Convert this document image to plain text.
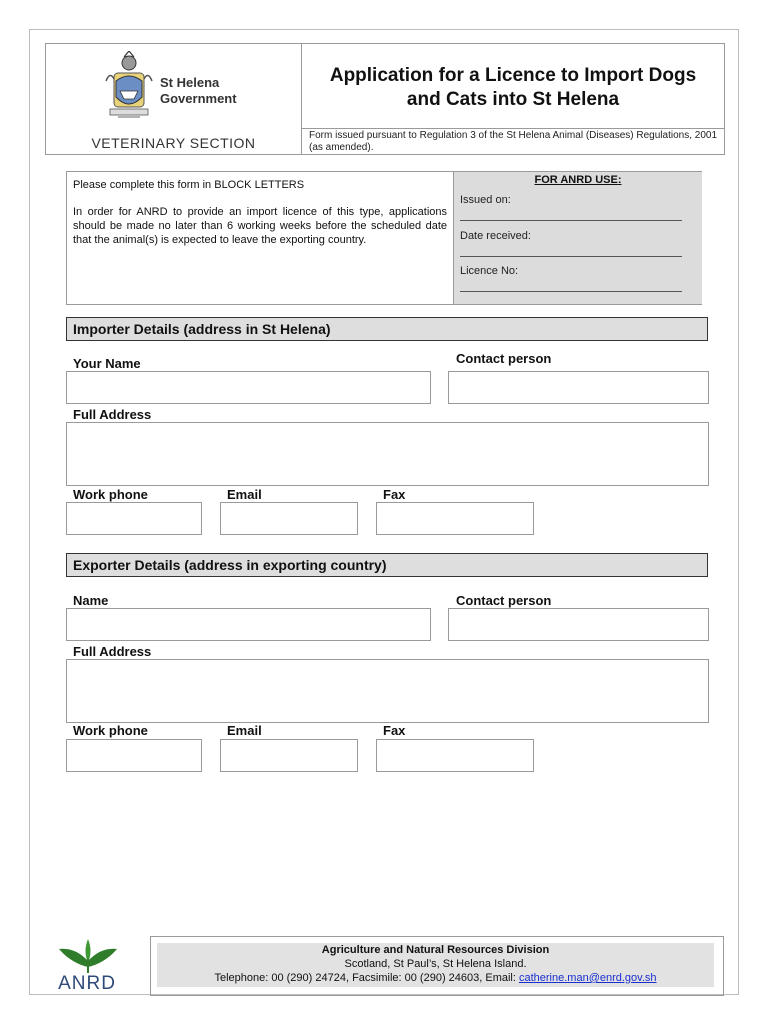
St Helena
Government
VETERINARY SECTION
Application for a Licence to Import Dogs
and Cats into St Helena
Form issued pursuant to Regulation 3 of the St Helena Animal (Diseases) Regulations, 2001 (as amended).

Please complete this form in BLOCK LETTERS

In order for ANRD to provide an import licence of this type, applications should be made no later than 6 working weeks before the scheduled date that the animal(s) is expected to leave the exporting country.

FOR ANRD USE:
Issued on:
Date received:
Licence No:
Importer Details (address in St Helena)
Your Name	Contact person
Full Address
Work phone	Email	Fax
Exporter Details (address in exporting country)
Name	Contact person
Full Address
Work phone	Email	Fax
ANRD
Agriculture and Natural Resources Division
Scotland, St Paul’s, St Helena Island.
Telephone: 00 (290) 24724, Facsimile: 00 (290) 24603, Email: catherine.man@enrd.gov.sh
